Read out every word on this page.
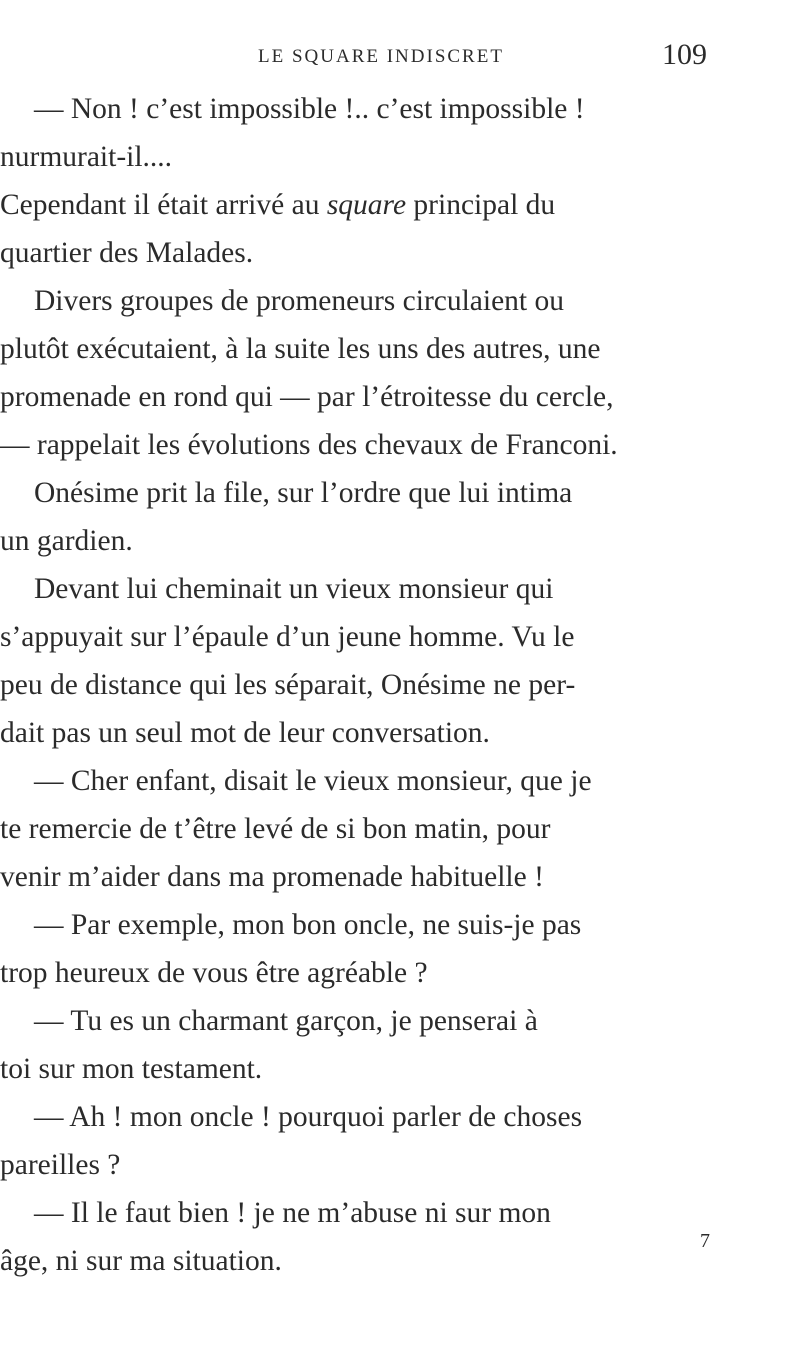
LE SQUARE INDISCRET	109
— Non ! c’est impossible !.. c’est impossible !
nurmurait-il....
Cependant il était arrivé au square principal du
quartier des Malades.
Divers groupes de promeneurs circulaient ou
plutôt exécutaient, à la suite les uns des autres, une
promenade en rond qui — par l’étroitesse du cercle,
— rappelait les évolutions des chevaux de Franconi.
Onésime prit la file, sur l’ordre que lui intima
un gardien.
Devant lui cheminait un vieux monsieur qui
s’appuyait sur l’épaule d’un jeune homme. Vu le
peu de distance qui les séparait, Onésime ne per-
dait pas un seul mot de leur conversation.
— Cher enfant, disait le vieux monsieur, que je
te remercie de t’être levé de si bon matin, pour
venir m’aider dans ma promenade habituelle !
— Par exemple, mon bon oncle, ne suis-je pas
trop heureux de vous être agréable ?
— Tu es un charmant garçon, je penserai à
toi sur mon testament.
— Ah ! mon oncle ! pourquoi parler de choses
pareilles ?
— Il le faut bien ! je ne m’abuse ni sur mon
âge, ni sur ma situation.
7
